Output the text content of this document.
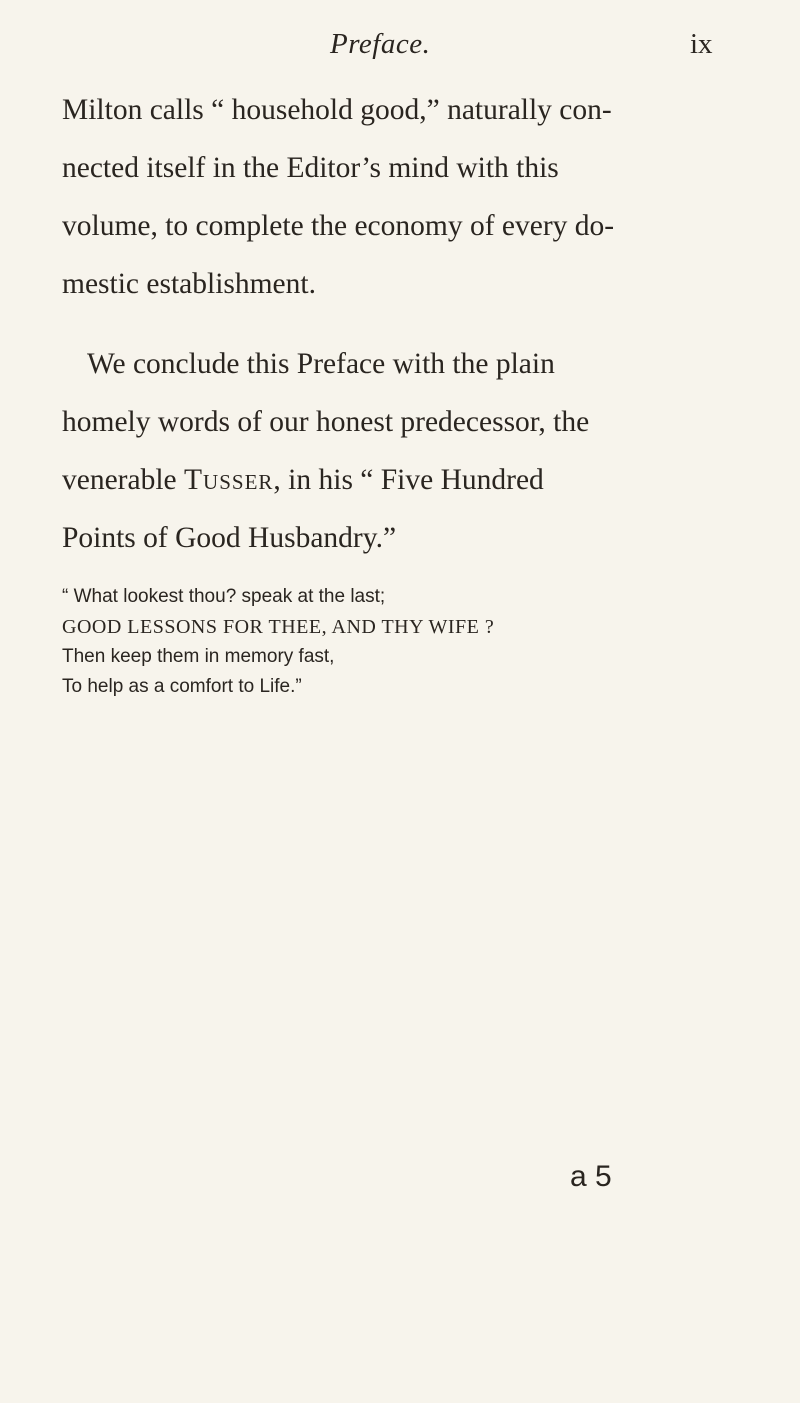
Preface.	ix

Milton calls “ household good,” naturally con-
nected itself in the Editor’s mind with this
volume, to complete the economy of every do-
mestic establishment.

We conclude this Preface with the plain
homely words of our honest predecessor, the
venerable Tusser, in his “ Five Hundred
Points of Good Husbandry.”

“ What lookest thou? speak at the last;
GOOD LESSONS FOR THEE, AND THY WIFE ?
Then keep them in memory fast,
To help as a comfort to Life.”

a 5
